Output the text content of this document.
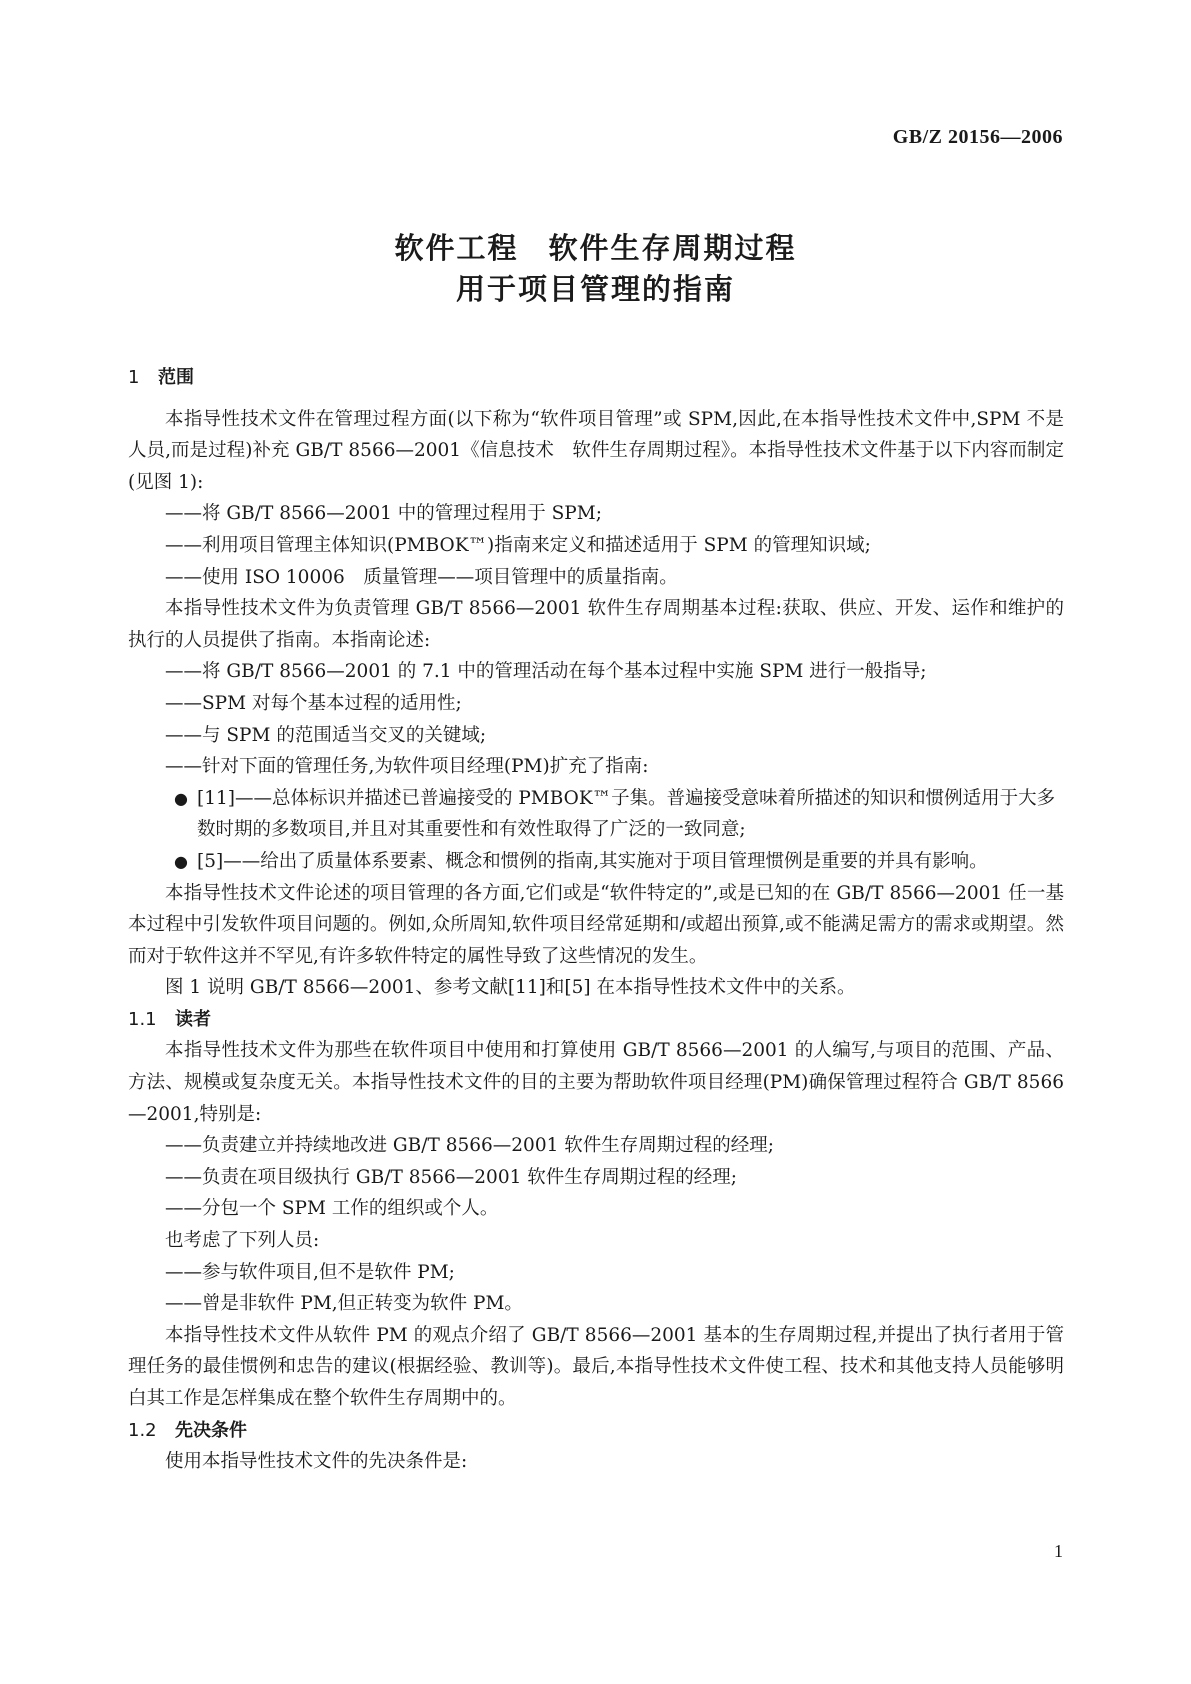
GB/Z 20156—2006
软件工程 软件生存周期过程
用于项目管理的指南

1 范围

本指导性技术文件在管理过程方面(以下称为“软件项目管理”或 SPM,因此,在本指导性技术文件中,SPM 不是人员,而是过程)补充 GB/T 8566—2001《信息技术　软件生存周期过程》。本指导性技术文件基于以下内容而制定(见图 1):

——将 GB/T 8566—2001 中的管理过程用于 SPM;

——利用项目管理主体知识(PMBOK™)指南来定义和描述适用于 SPM 的管理知识域;

——使用 ISO 10006　质量管理——项目管理中的质量指南。

本指导性技术文件为负责管理 GB/T 8566—2001 软件生存周期基本过程:获取、供应、开发、运作和维护的执行的人员提供了指南。本指南论述:

——将 GB/T 8566—2001 的 7.1 中的管理活动在每个基本过程中实施 SPM 进行一般指导;

——SPM 对每个基本过程的适用性;

——与 SPM 的范围适当交叉的关键域;

——针对下面的管理任务,为软件项目经理(PM)扩充了指南:

● [11]——总体标识并描述已普遍接受的 PMBOK™子集。普遍接受意味着所描述的知识和惯例适用于大多数时期的多数项目,并且对其重要性和有效性取得了广泛的一致同意;
● [5]——给出了质量体系要素、概念和惯例的指南,其实施对于项目管理惯例是重要的并具有影响。

本指导性技术文件论述的项目管理的各方面,它们或是“软件特定的”,或是已知的在 GB/T 8566—2001 任一基本过程中引发软件项目问题的。例如,众所周知,软件项目经常延期和/或超出预算,或不能满足需方的需求或期望。然而对于软件这并不罕见,有许多软件特定的属性导致了这些情况的发生。

图 1 说明 GB/T 8566—2001、参考文献[11]和[5] 在本指导性技术文件中的关系。

1.1 读者

本指导性技术文件为那些在软件项目中使用和打算使用 GB/T 8566—2001 的人编写,与项目的范围、产品、方法、规模或复杂度无关。本指导性技术文件的目的主要为帮助软件项目经理(PM)确保管理过程符合 GB/T 8566—2001,特别是:

——负责建立并持续地改进 GB/T 8566—2001 软件生存周期过程的经理;

——负责在项目级执行 GB/T 8566—2001 软件生存周期过程的经理;

——分包一个 SPM 工作的组织或个人。

也考虑了下列人员:

——参与软件项目,但不是软件 PM;

——曾是非软件 PM,但正转变为软件 PM。

本指导性技术文件从软件 PM 的观点介绍了 GB/T 8566—2001 基本的生存周期过程,并提出了执行者用于管理任务的最佳惯例和忠告的建议(根据经验、教训等)。最后,本指导性技术文件使工程、技术和其他支持人员能够明白其工作是怎样集成在整个软件生存周期中的。

1.2 先决条件

使用本指导性技术文件的先决条件是:

1
